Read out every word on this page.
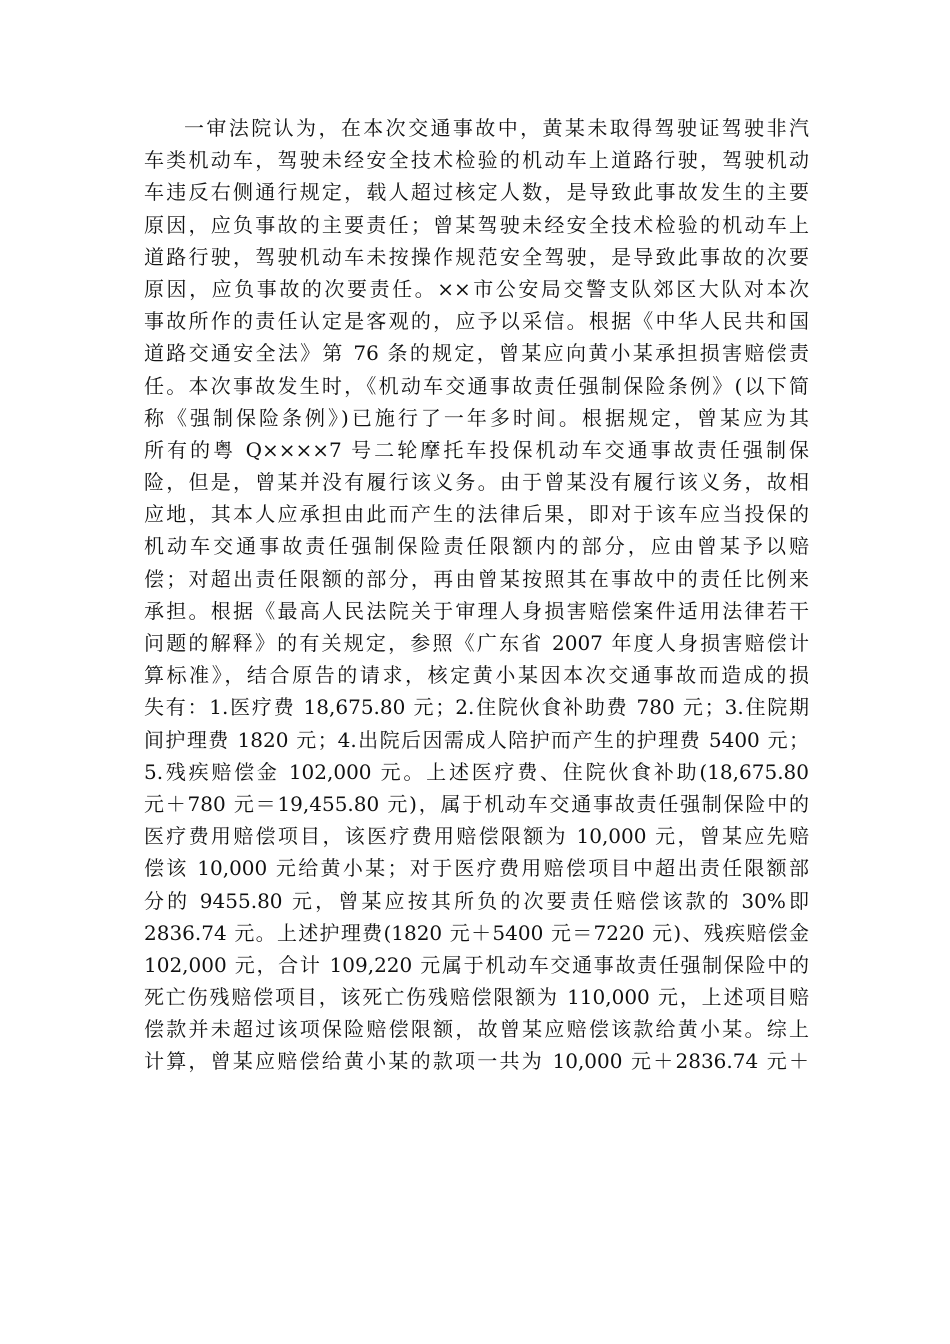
一审法院认为，在本次交通事故中，黄某未取得驾驶证驾驶非汽
车类机动车，驾驶未经安全技术检验的机动车上道路行驶，驾驶机动
车违反右侧通行规定，载人超过核定人数，是导致此事故发生的主要
原因，应负事故的主要责任；曾某驾驶未经安全技术检验的机动车上
道路行驶，驾驶机动车未按操作规范安全驾驶，是导致此事故的次要
原因，应负事故的次要责任。××市公安局交警支队郊区大队对本次
事故所作的责任认定是客观的，应予以采信。根据《中华人民共和国
道路交通安全法》第 76 条的规定，曾某应向黄小某承担损害赔偿责
任。本次事故发生时，《机动车交通事故责任强制保险条例》(以下简
称《强制保险条例》)已施行了一年多时间。根据规定，曾某应为其
所有的粤 Q××××7 号二轮摩托车投保机动车交通事故责任强制保
险，但是，曾某并没有履行该义务。由于曾某没有履行该义务，故相
应地，其本人应承担由此而产生的法律后果，即对于该车应当投保的
机动车交通事故责任强制保险责任限额内的部分，应由曾某予以赔
偿；对超出责任限额的部分，再由曾某按照其在事故中的责任比例来
承担。根据《最高人民法院关于审理人身损害赔偿案件适用法律若干
问题的解释》的有关规定，参照《广东省 2007 年度人身损害赔偿计
算标准》，结合原告的请求，核定黄小某因本次交通事故而造成的损
失有：1.医疗费 18,675.80 元；2.住院伙食补助费 780 元；3.住院期
间护理费 1820 元；4.出院后因需成人陪护而产生的护理费 5400 元；
5.残疾赔偿金 102,000 元。上述医疗费、住院伙食补助(18,675.80
元＋780 元＝19,455.80 元)，属于机动车交通事故责任强制保险中的
医疗费用赔偿项目，该医疗费用赔偿限额为 10,000 元，曾某应先赔
偿该 10,000 元给黄小某；对于医疗费用赔偿项目中超出责任限额部
分的 9455.80 元，曾某应按其所负的次要责任赔偿该款的 30%即
2836.74 元。上述护理费(1820 元＋5400 元＝7220 元)、残疾赔偿金
102,000 元，合计 109,220 元属于机动车交通事故责任强制保险中的
死亡伤残赔偿项目，该死亡伤残赔偿限额为 110,000 元，上述项目赔
偿款并未超过该项保险赔偿限额，故曾某应赔偿该款给黄小某。综上
计算，曾某应赔偿给黄小某的款项一共为 10,000 元＋2836.74 元＋
